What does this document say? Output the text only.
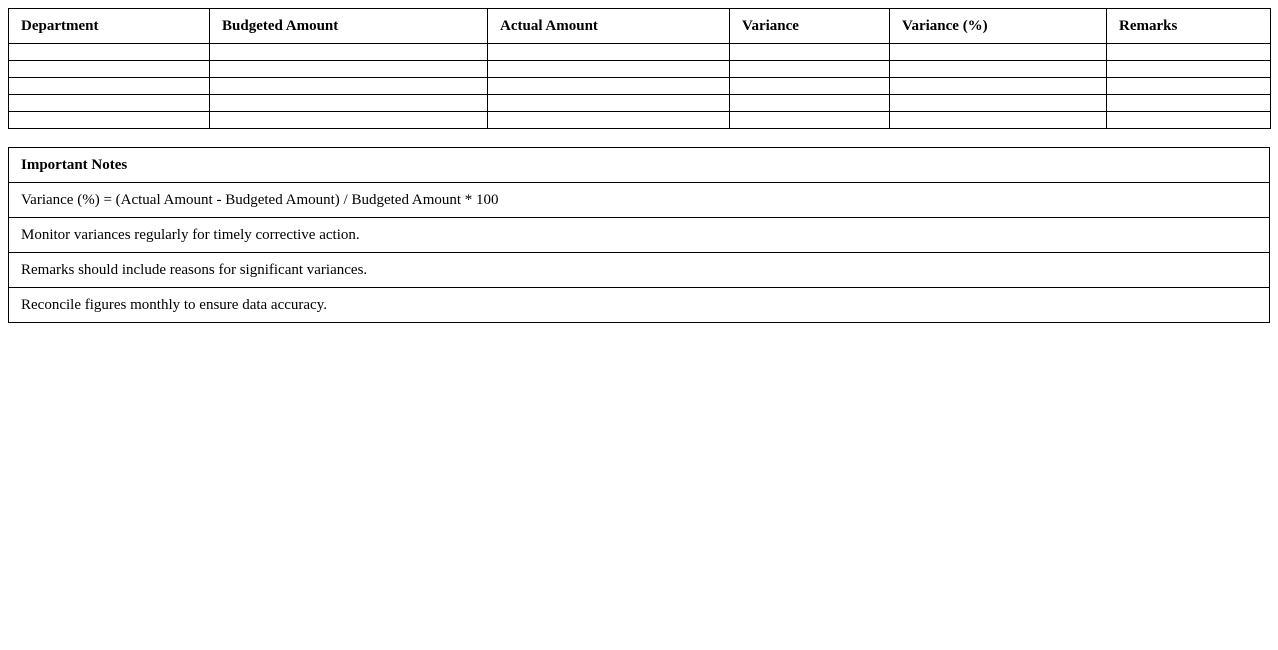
Department	Budgeted Amount	Actual Amount	Variance	Variance (%)	Remarks

Important Notes
Variance (%) = (Actual Amount - Budgeted Amount) / Budgeted Amount * 100
Monitor variances regularly for timely corrective action.
Remarks should include reasons for significant variances.
Reconcile figures monthly to ensure data accuracy.
